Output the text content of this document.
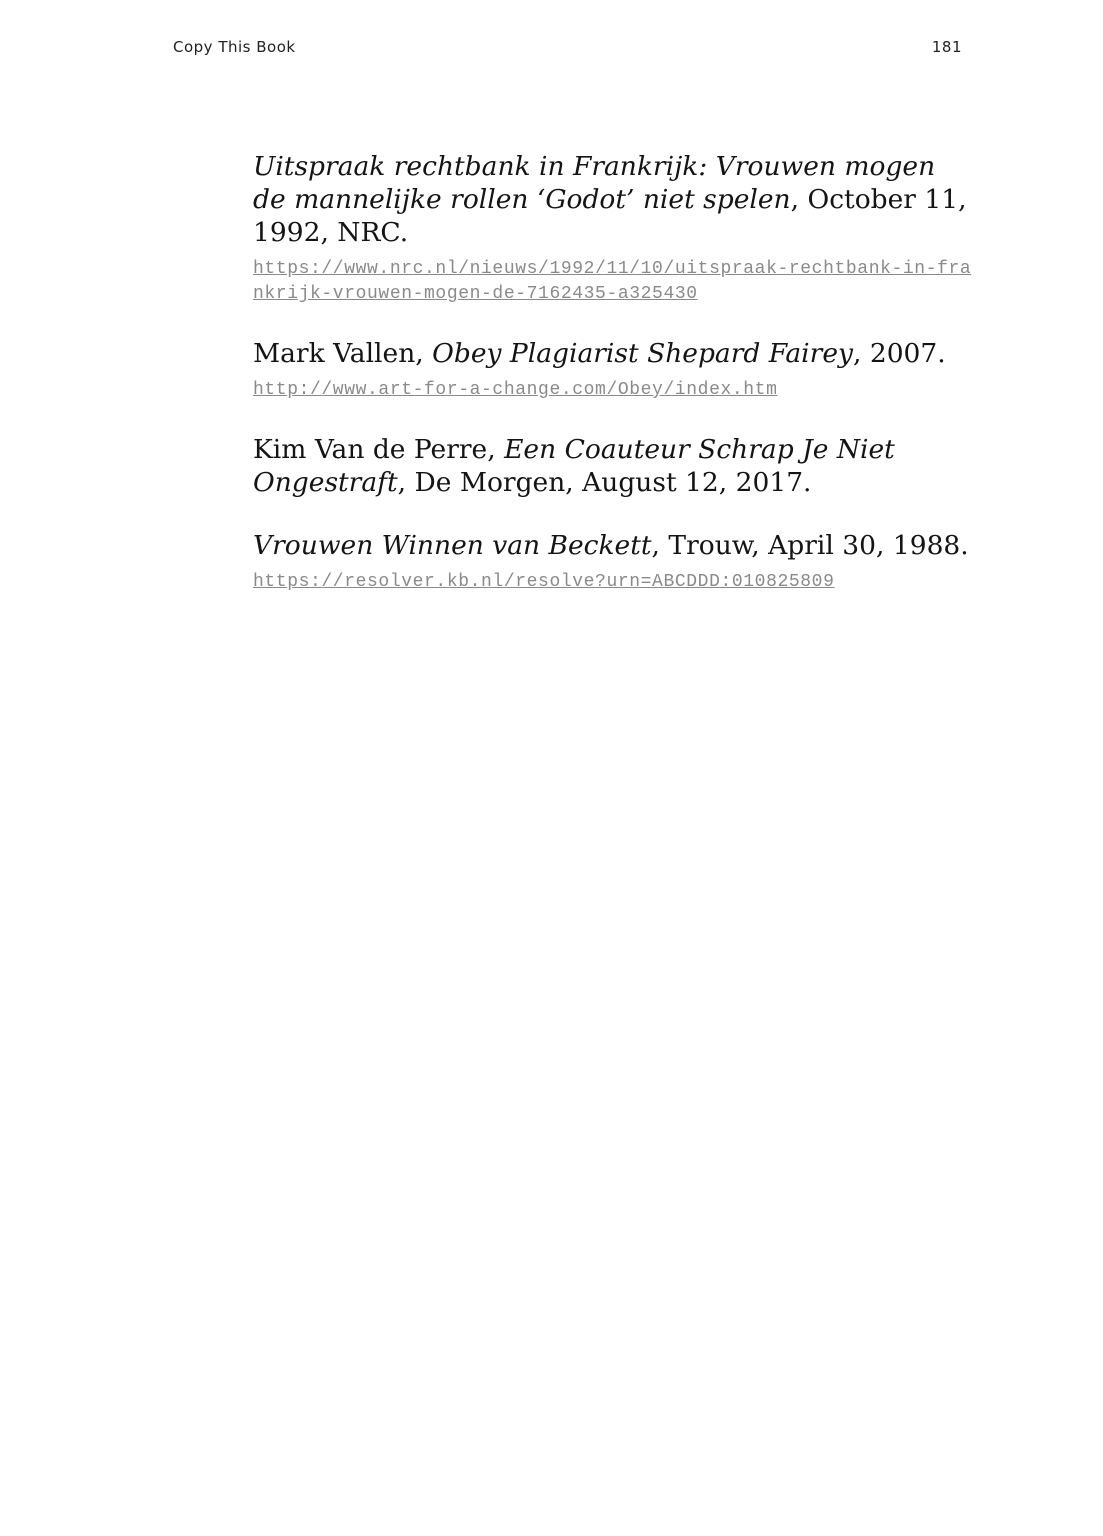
Copy This Book	181

Uitspraak rechtbank in Frankrijk: Vrouwen mogen de mannelijke rollen ‘Godot’ niet spelen, October 11, 1992, NRC.

https://www.nrc.nl/nieuws/1992/11/10/uitspraak-rechtbank-in-frankrijk-vrouwen-mogen-de-7162435-a325430

Mark Vallen, Obey Plagiarist Shepard Fairey, 2007.

http://www.art-for-a-change.com/Obey/index.htm

Kim Van de Perre, Een Coauteur Schrap Je Niet Ongestraft, De Morgen, August 12, 2017.

Vrouwen Winnen van Beckett, Trouw, April 30, 1988.

https://resolver.kb.nl/resolve?urn=ABCDDD:010825809
